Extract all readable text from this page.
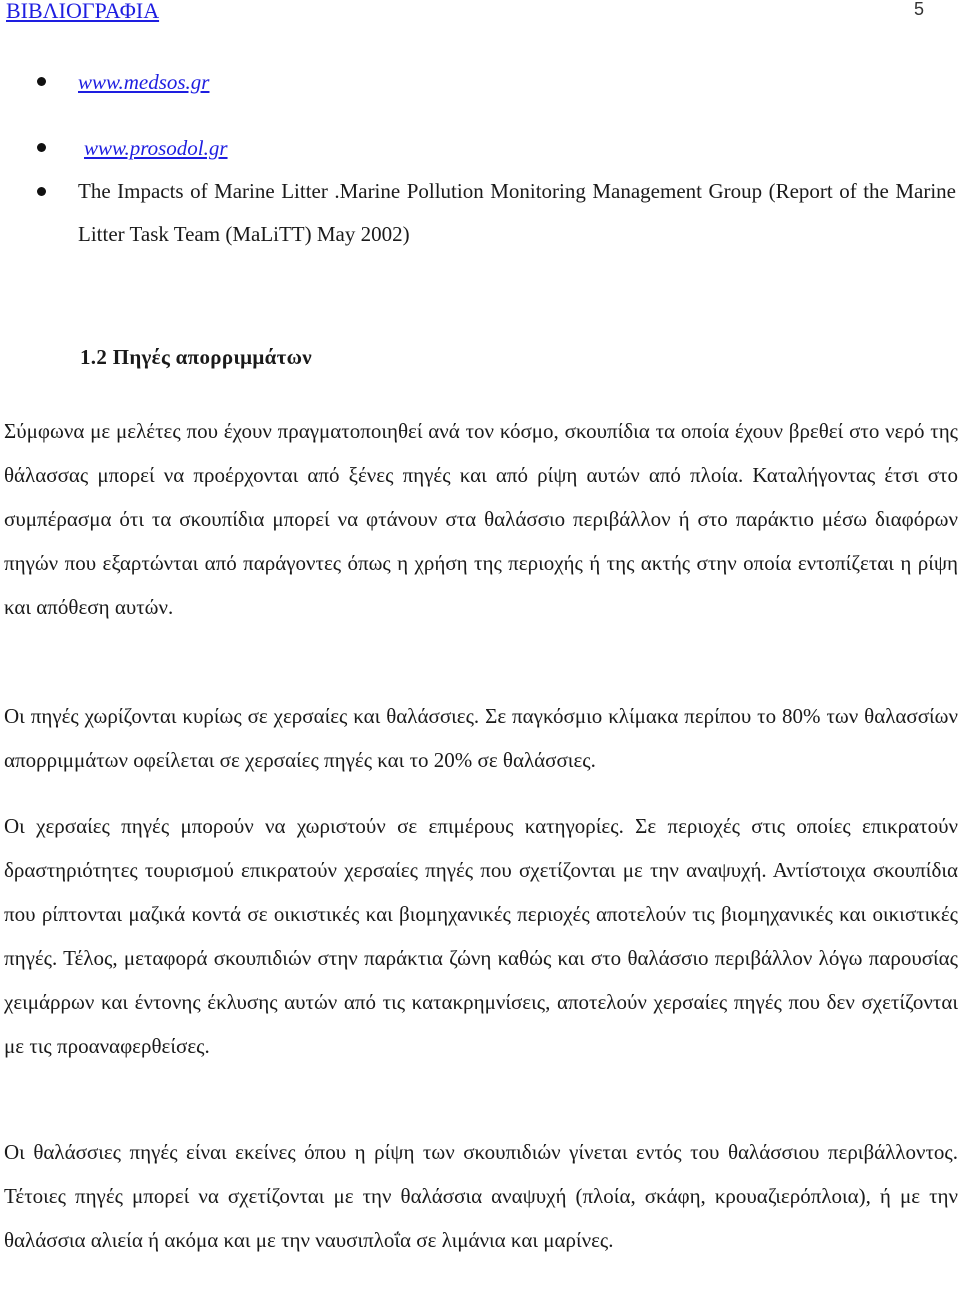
ΒΙΒΛΙΟΓΡΑΦΙΑ	5
www.medsos.gr
www.prosodol.gr
The Impacts of Marine Litter .Marine Pollution Monitoring Management Group (Report of the Marine Litter Task Team (MaLiTT) May 2002)
1.2 Πηγές απορριμμάτων
Σύμφωνα με μελέτες που έχουν πραγματοποιηθεί ανά τον κόσμο, σκουπίδια τα οποία έχουν βρεθεί στο νερό της θάλασσας μπορεί να προέρχονται από ξένες πηγές και από ρίψη αυτών από πλοία. Καταλήγοντας έτσι στο συμπέρασμα ότι τα σκουπίδια μπορεί να φτάνουν στα θαλάσσιο περιβάλλον ή στο παράκτιο μέσω διαφόρων πηγών που εξαρτώνται από παράγοντες όπως η χρήση της περιοχής ή της ακτής στην οποία εντοπίζεται η ρίψη και απόθεση αυτών.
Οι πηγές χωρίζονται κυρίως σε χερσαίες και θαλάσσιες. Σε παγκόσμιο κλίμακα περίπου το 80% των θαλασσίων απορριμμάτων οφείλεται σε χερσαίες πηγές και το 20% σε θαλάσσιες.
Οι χερσαίες πηγές μπορούν να χωριστούν σε επιμέρους κατηγορίες. Σε περιοχές στις οποίες επικρατούν δραστηριότητες τουρισμού επικρατούν χερσαίες πηγές που σχετίζονται με την αναψυχή. Αντίστοιχα σκουπίδια που ρίπτονται μαζικά κοντά σε οικιστικές και βιομηχανικές περιοχές αποτελούν τις βιομηχανικές και οικιστικές πηγές. Τέλος, μεταφορά σκουπιδιών στην παράκτια ζώνη καθώς και στο θαλάσσιο περιβάλλον λόγω παρουσίας χειμάρρων και έντονης έκλυσης αυτών από τις κατακρημνίσεις, αποτελούν χερσαίες πηγές που δεν σχετίζονται με τις προαναφερθείσες.
Οι θαλάσσιες πηγές είναι εκείνες όπου η ρίψη των σκουπιδιών γίνεται εντός του θαλάσσιου περιβάλλοντος. Τέτοιες πηγές μπορεί να σχετίζονται με την θαλάσσια αναψυχή (πλοία, σκάφη, κρουαζιερόπλοια), ή με την θαλάσσια αλιεία ή ακόμα και με την ναυσιπλοΐα σε λιμάνια και μαρίνες.
